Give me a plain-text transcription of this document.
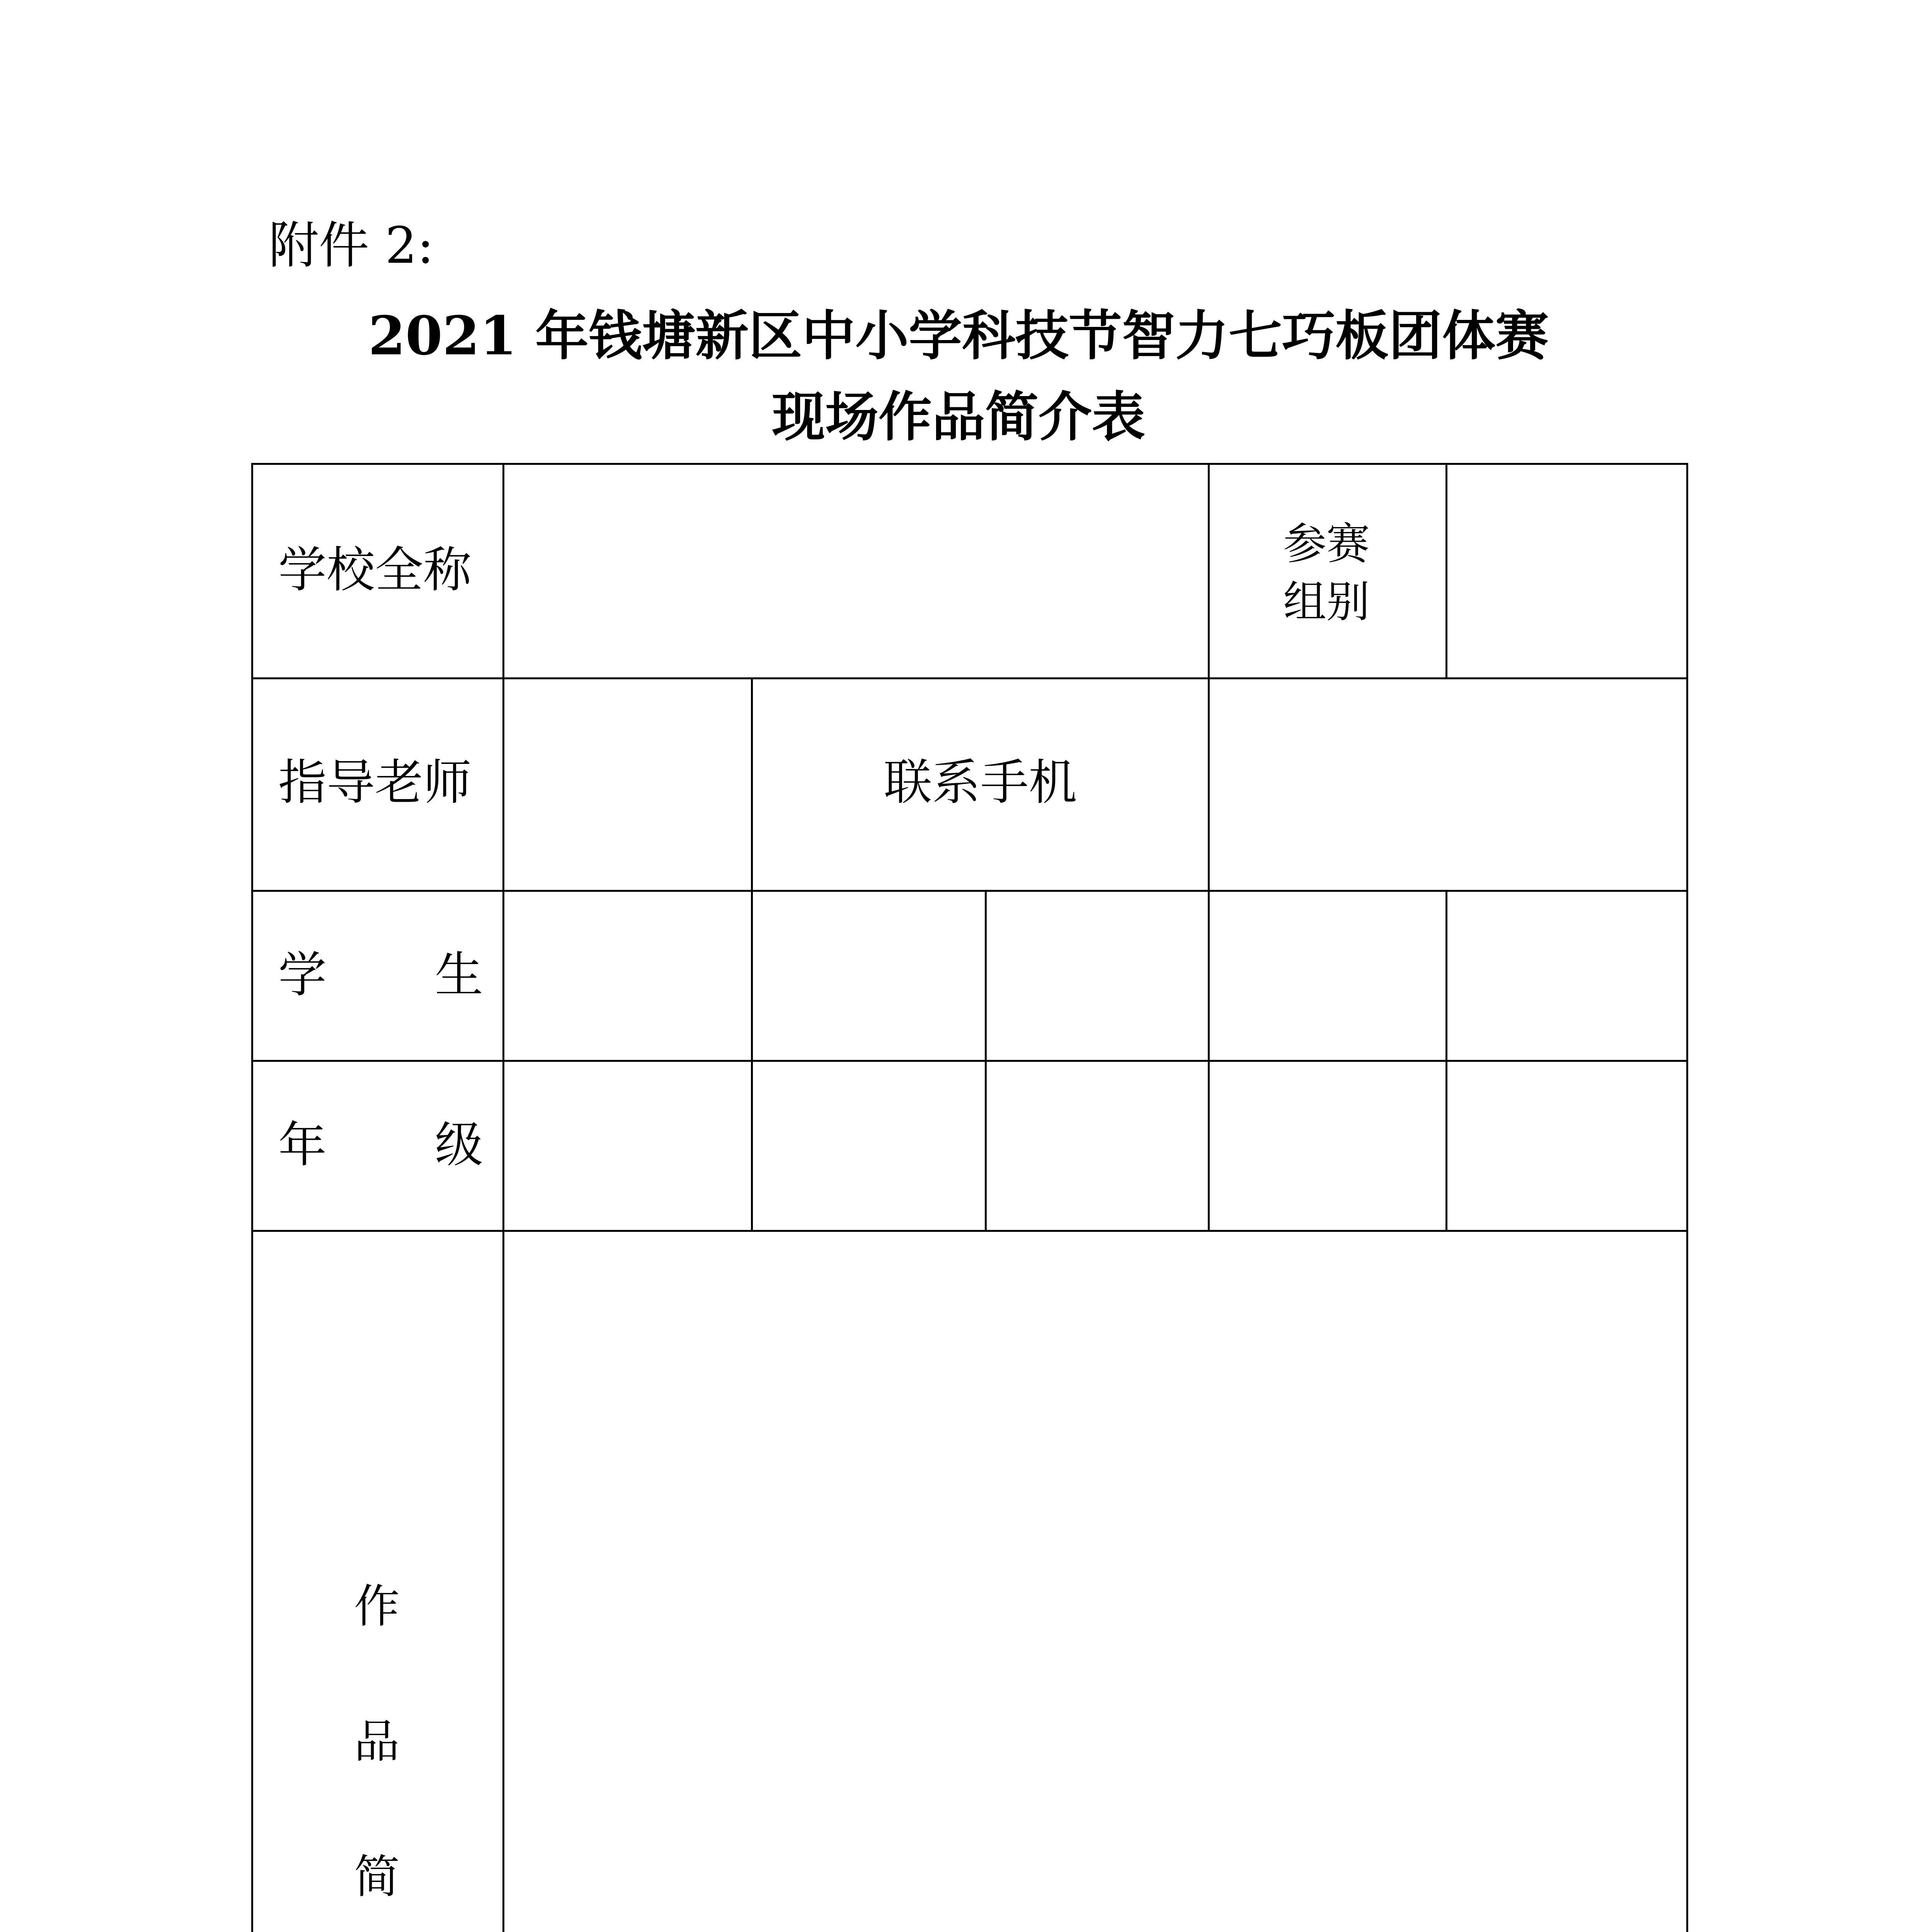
附件 2:
2021 年钱塘新区中小学科技节智力七巧板团体赛
现场作品简介表
学校全称	参赛
组别
指导老师	联系手机
学 生
年 级
作
品
简
